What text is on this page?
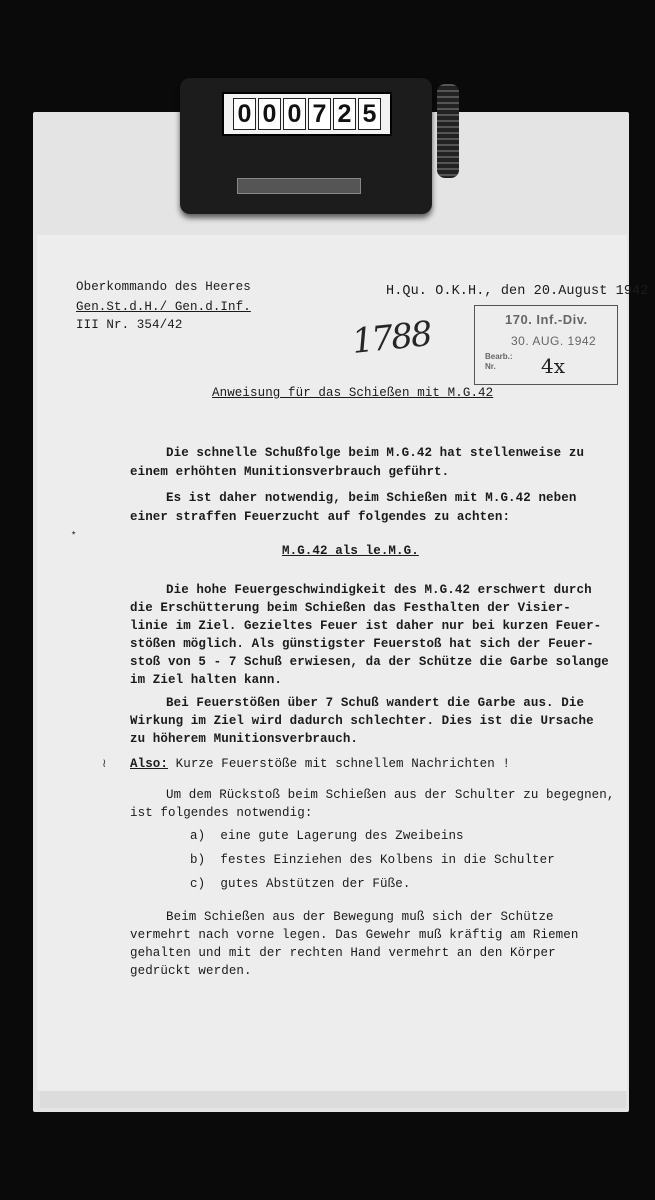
0 0 0 7 2 5
Oberkommando des Heeres
Gen.St.d.H./ Gen.d.Inf.
III Nr. 354/42
H.Qu. O.K.H., den 20.August 1942
1788	170. Inf.-Div.
30. AUG. 1942
Bearb.:
Nr.	4x
Anweisung für das Schießen mit M.G.42
Die schnelle Schußfolge beim M.G.42 hat stellenweise zu
einem erhöhten Munitionsverbrauch geführt.
Es ist daher notwendig, beim Schießen mit M.G.42 neben
einer straffen Feuerzucht auf folgendes zu achten:
⋆
M.G.42 als le.M.G.
Die hohe Feuergeschwindigkeit des M.G.42 erschwert durch
die Erschütterung beim Schießen das Festhalten der Visier-
linie im Ziel. Gezieltes Feuer ist daher nur bei kurzen Feuer-
stößen möglich. Als günstigster Feuerstoß hat sich der Feuer-
stoß von 5 - 7 Schuß erwiesen, da der Schütze die Garbe solange
im Ziel halten kann.
Bei Feuerstößen über 7 Schuß wandert die Garbe aus. Die
Wirkung im Ziel wird dadurch schlechter. Dies ist die Ursache
zu höherem Munitionsverbrauch.
≀ Also: Kurze Feuerstöße mit schnellem Nachrichten !
Um dem Rückstoß beim Schießen aus der Schulter zu begegnen,
ist folgendes notwendig:
a) eine gute Lagerung des Zweibeins
b) festes Einziehen des Kolbens in die Schulter
c) gutes Abstützen der Füße.
Beim Schießen aus der Bewegung muß sich der Schütze
vermehrt nach vorne legen. Das Gewehr muß kräftig am Riemen
gehalten und mit der rechten Hand vermehrt an den Körper
gedrückt werden.
